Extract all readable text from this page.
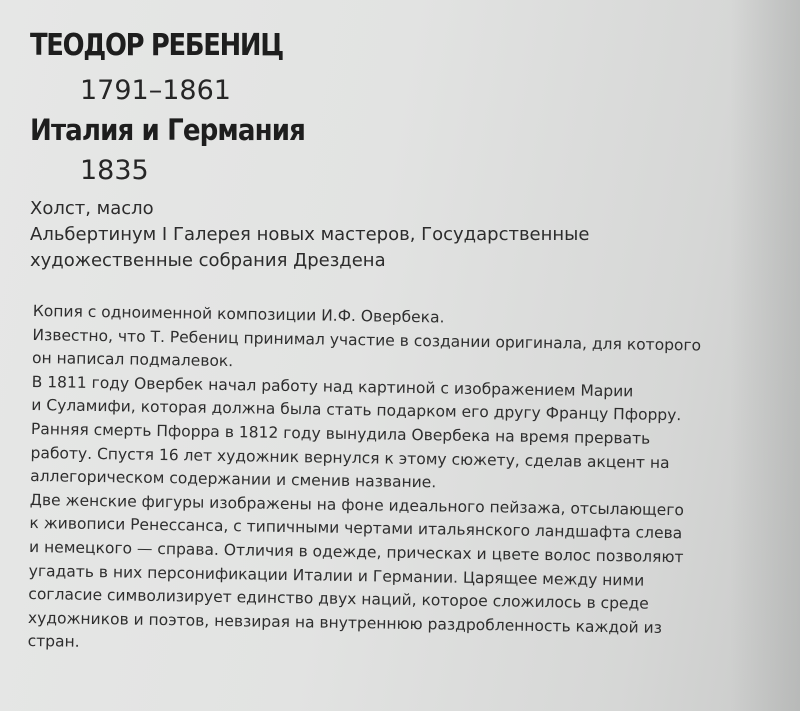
ТЕОДОР РЕБЕНИЦ
1791–1861
Италия и Германия
1835
Холст, масло
Альбертинум I Галерея новых мастеров, Государственные
художественные собрания Дрездена
Копия с одноименной композиции И.Ф. Овербека.
Известно, что Т. Ребениц принимал участие в создании оригинала, для которого
он написал подмалевок.
В 1811 году Овербек начал работу над картиной с изображением Марии
и Суламифи, которая должна была стать подарком его другу Францу Пфорру.
Ранняя смерть Пфорра в 1812 году вынудила Овербека на время прервать
работу. Спустя 16 лет художник вернулся к этому сюжету, сделав акцент на
аллегорическом содержании и сменив название.
Две женские фигуры изображены на фоне идеального пейзажа, отсылающего
к живописи Ренессанса, с типичными чертами итальянского ландшафта слева
и немецкого — справа. Отличия в одежде, прическах и цвете волос позволяют
угадать в них персонификации Италии и Германии. Царящее между ними
согласие символизирует единство двух наций, которое сложилось в среде
художников и поэтов, невзирая на внутреннюю раздробленность каждой из
стран.
